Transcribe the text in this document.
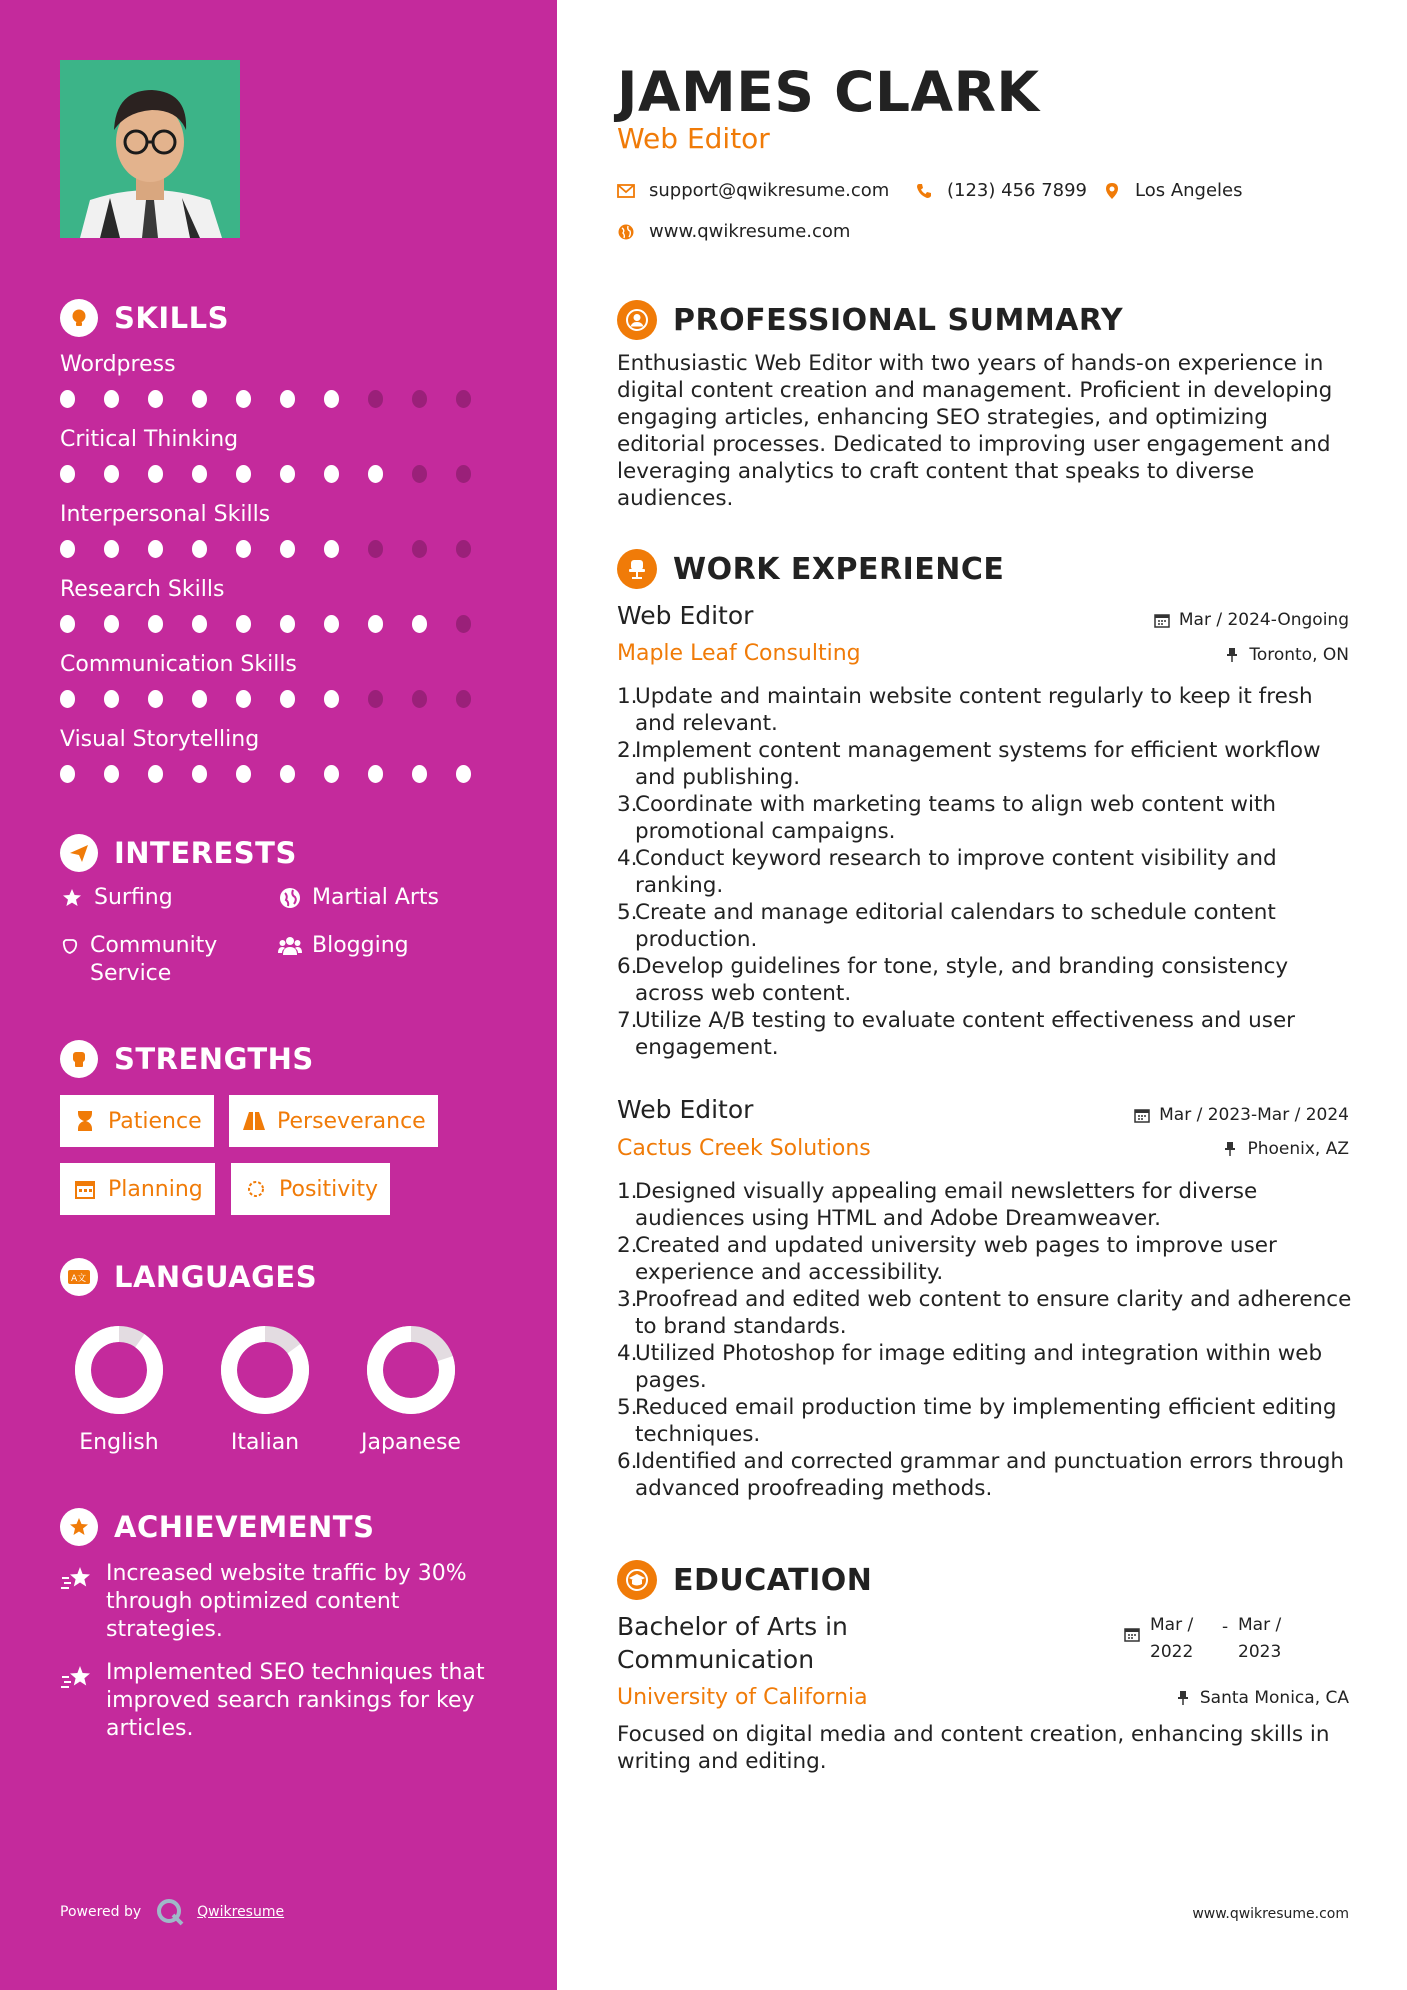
SKILLS
Wordpress
Critical Thinking
Interpersonal Skills
Research Skills
Communication Skills
Visual Storytelling
INTERESTS
Surfing	Martial Arts
Community Service
Blogging
STRENGTHS
Patience	Perseverance
Planning	Positivity
A文 LANGUAGES
English	Italian	Japanese
ACHIEVEMENTS
Increased website traffic by 30% through optimized content strategies.
Implemented SEO techniques that improved search rankings for key articles.
Powered by	Qwikresume
JAMES CLARK
Web Editor
support@qwikresume.com	(123) 456 7899	Los Angeles
www.qwikresume.com
PROFESSIONAL SUMMARY
Enthusiastic Web Editor with two years of hands-on experience in digital content creation and management. Proficient in developing engaging articles, enhancing SEO strategies, and optimizing editorial processes. Dedicated to improving user engagement and leveraging analytics to craft content that speaks to diverse audiences.
WORK EXPERIENCE
Web Editor	Mar / 2024-Ongoing
Maple Leaf Consulting	Toronto, ON
1.
Update and maintain website content regularly to keep it fresh and relevant.
2.
Implement content management systems for efficient workflow and publishing.
3.
Coordinate with marketing teams to align web content with promotional campaigns.
4.
Conduct keyword research to improve content visibility and ranking.
5.
Create and manage editorial calendars to schedule content production.
6.
Develop guidelines for tone, style, and branding consistency across web content.
7.
Utilize A/B testing to evaluate content effectiveness and user engagement.
Web Editor	Mar / 2023-Mar / 2024
Cactus Creek Solutions	Phoenix, AZ
1.
Designed visually appealing email newsletters for diverse audiences using HTML and Adobe Dreamweaver.
2.
Created and updated university web pages to improve user experience and accessibility.
3.
Proofread and edited web content to ensure clarity and adherence to brand standards.
4.
Utilized Photoshop for image editing and integration within web pages.
5.
Reduced email production time by implementing efficient editing techniques.
6.
Identified and corrected grammar and punctuation errors through advanced proofreading methods.
EDUCATION
Bachelor of Arts in Communication
Mar / 2022
- Mar / 2023
University of California	Santa Monica, CA
Focused on digital media and content creation, enhancing skills in writing and editing.
www.qwikresume.com
